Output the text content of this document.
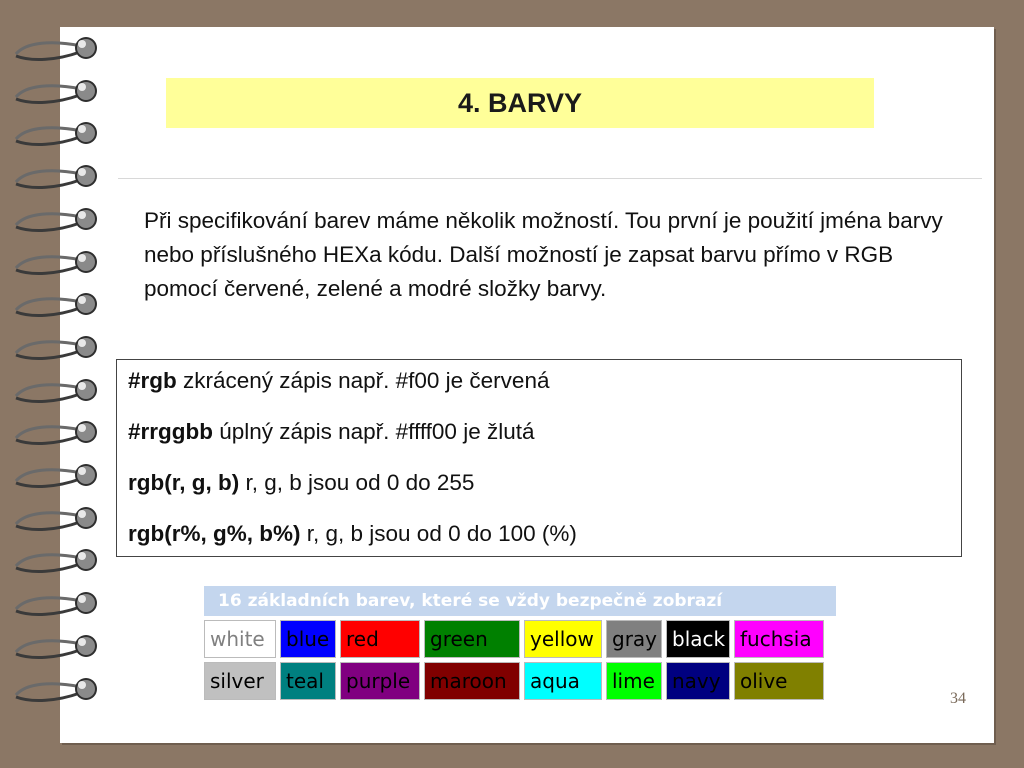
4. BARVY

Při specifikování barev máme několik možností. Tou první je použití jména barvy nebo příslušného HEXa kódu. Další možností je zapsat barvu přímo v RGB pomocí červené, zelené a modré složky barvy.

#rgb zkrácený zápis např. #f00 je červená
#rrggbb úplný zápis např. #ffff00 je žlutá
rgb(r, g, b) r, g, b jsou od 0 do 255
rgb(r%, g%, b%) r, g, b jsou od 0 do 100 (%)
16 základních barev, které se vždy bezpečně zobrazí
white	blue red	green	yellow gray black fuchsia
silver	teal	purple maroon	aqua	lime navy olive
34
